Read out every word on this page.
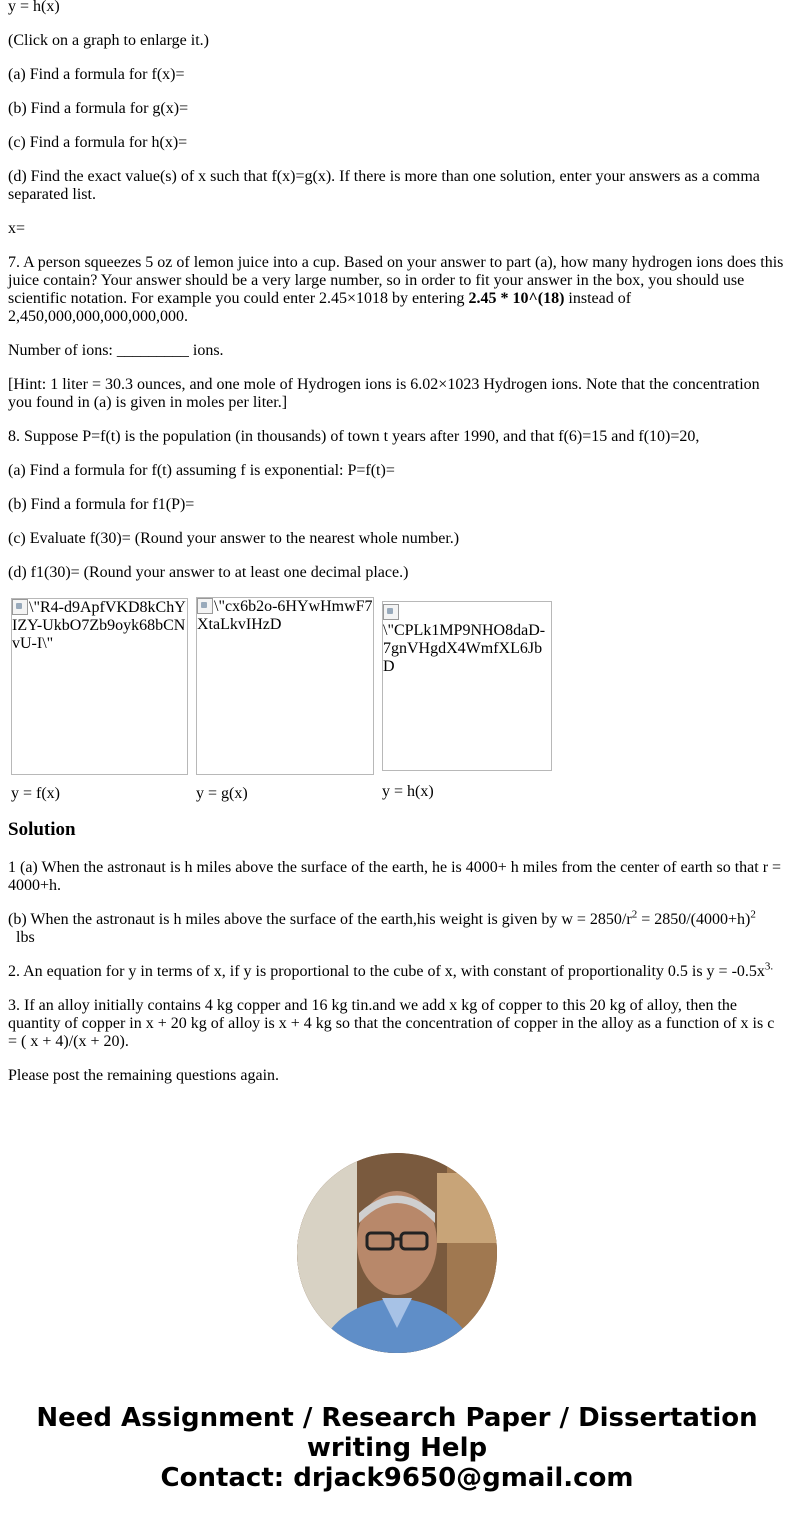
y = h(x)

(Click on a graph to enlarge it.)

(a) Find a formula for f(x)=

(b) Find a formula for g(x)=

(c) Find a formula for h(x)=

(d) Find the exact value(s) of x such that f(x)=g(x). If there is more than one solution, enter your answers as a comma separated list.

x=

7. A person squeezes 5 oz of lemon juice into a cup. Based on your answer to part (a), how many hydrogen ions does this juice contain? Your answer should be a very large number, so in order to fit your answer in the box, you should use scientific notation. For example you could enter 2.45×1018 by entering 2.45 * 10^(18) instead of 2,450,000,000,000,000,000.

Number of ions: _________ ions.

[Hint: 1 liter = 30.3 ounces, and one mole of Hydrogen ions is 6.02×1023 Hydrogen ions. Note that the concentration you found in (a) is given in moles per liter.]

8. Suppose P=f(t) is the population (in thousands) of town t years after 1990, and that f(6)=15 and f(10)=20,

(a) Find a formula for f(t) assuming f is exponential: P=f(t)=

(b) Find a formula for f1(P)=

(c) Evaluate f(30)= (Round your answer to the nearest whole number.)

(d) f1(30)= (Round your answer to at least one decimal place.)

\"R4-d9ApfVKD8kChYIZY-UkbO7Zb9oyk68bCNvU-I\"
y = f(x)
\"cx6b2o-6HYwHmwF7XtaLkvIHzD
y = g(x)

\"CPLk1MP9NHO8daD-7gnVHgdX4WmfXL6JbD
y = h(x)
Solution

1 (a) When the astronaut is h miles above the surface of the earth, he is 4000+ h miles from the center of earth so that r = 4000+h.

(b) When the astronaut is h miles above the surface of the earth,his weight is given by $w = 2850/r^2 = 2850/(4000+h)^2$
lbs

2. An equation for y in terms of x, if y is proportional to the cube of x, with constant of proportionality 0.5 is $y = -0.5x^{3.}$

3. If an alloy initially contains 4 kg copper and 16 kg tin.and we add x kg of copper to this 20 kg of alloy, then the quantity of copper in x + 20 kg of alloy is x + 4 kg so that the concentration of copper in the alloy as a function of x is c = ( x + 4)/(x + 20).

Please post the remaining questions again.

Need Assignment / Research Paper / Dissertation
writing Help
Contact: drjack9650@gmail.com
